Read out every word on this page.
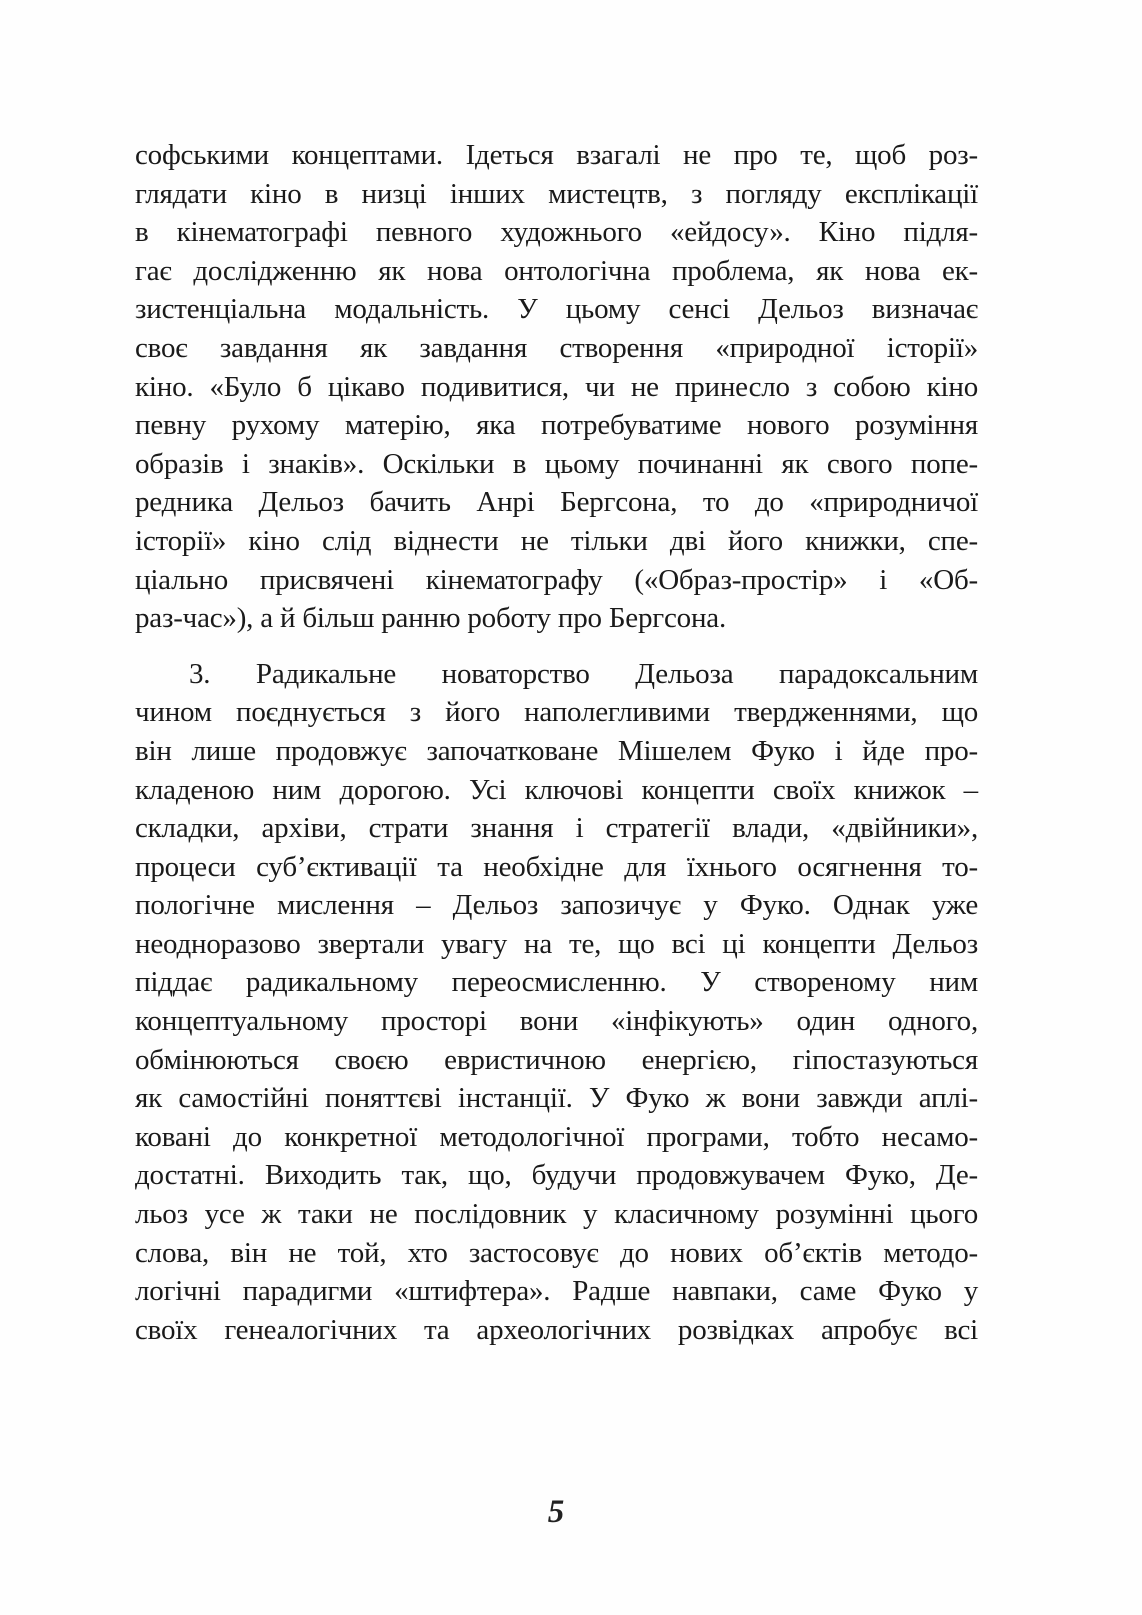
софськими концептами. Ідеться взагалі не про те, щоб роз-
глядати кіно в низці інших мистецтв, з погляду експлікації
в кінематографі певного художнього «ейдосу». Кіно підля-
гає дослідженню як нова онтологічна проблема, як нова ек-
зистенціальна модальність. У цьому сенсі Дельоз визначає
своє завдання як завдання створення «природної історії»
кіно. «Було б цікаво подивитися, чи не принесло з собою кіно
певну рухому матерію, яка потребуватиме нового розуміння
образів і знаків». Оскільки в цьому починанні як свого попе-
редника Дельоз бачить Анрі Бергсона, то до «природничої
історії» кіно слід віднести не тільки дві його книжки, спе-
ціально присвячені кінематографу («Образ-простір» і «Об-
раз-час»), а й більш ранню роботу про Бергсона.
3. Радикальне новаторство Дельоза парадоксальним
чином поєднується з його наполегливими твердженнями, що
він лише продовжує започатковане Мішелем Фуко і йде про-
кладеною ним дорогою. Усі ключові концепти своїх книжок –
складки, архіви, страти знання і стратегії влади, «двійники»,
процеси суб’єктивації та необхідне для їхнього осягнення то-
пологічне мислення – Дельоз запозичує у Фуко. Однак уже
неодноразово звертали увагу на те, що всі ці концепти Дельоз
піддає радикальному переосмисленню. У створеному ним
концептуальному просторі вони «інфікують» один одного,
обмінюються своєю евристичною енергією, гіпостазуються
як самостійні поняттєві інстанції. У Фуко ж вони завжди аплі-
ковані до конкретної методологічної програми, тобто несамо-
достатні. Виходить так, що, будучи продовжувачем Фуко, Де-
льоз усе ж таки не послідовник у класичному розумінні цього
слова, він не той, хто застосовує до нових об’єктів методо-
логічні парадигми «штифтера». Радше навпаки, саме Фуко у
своїх генеалогічних та археологічних розвідках апробує всі
5
